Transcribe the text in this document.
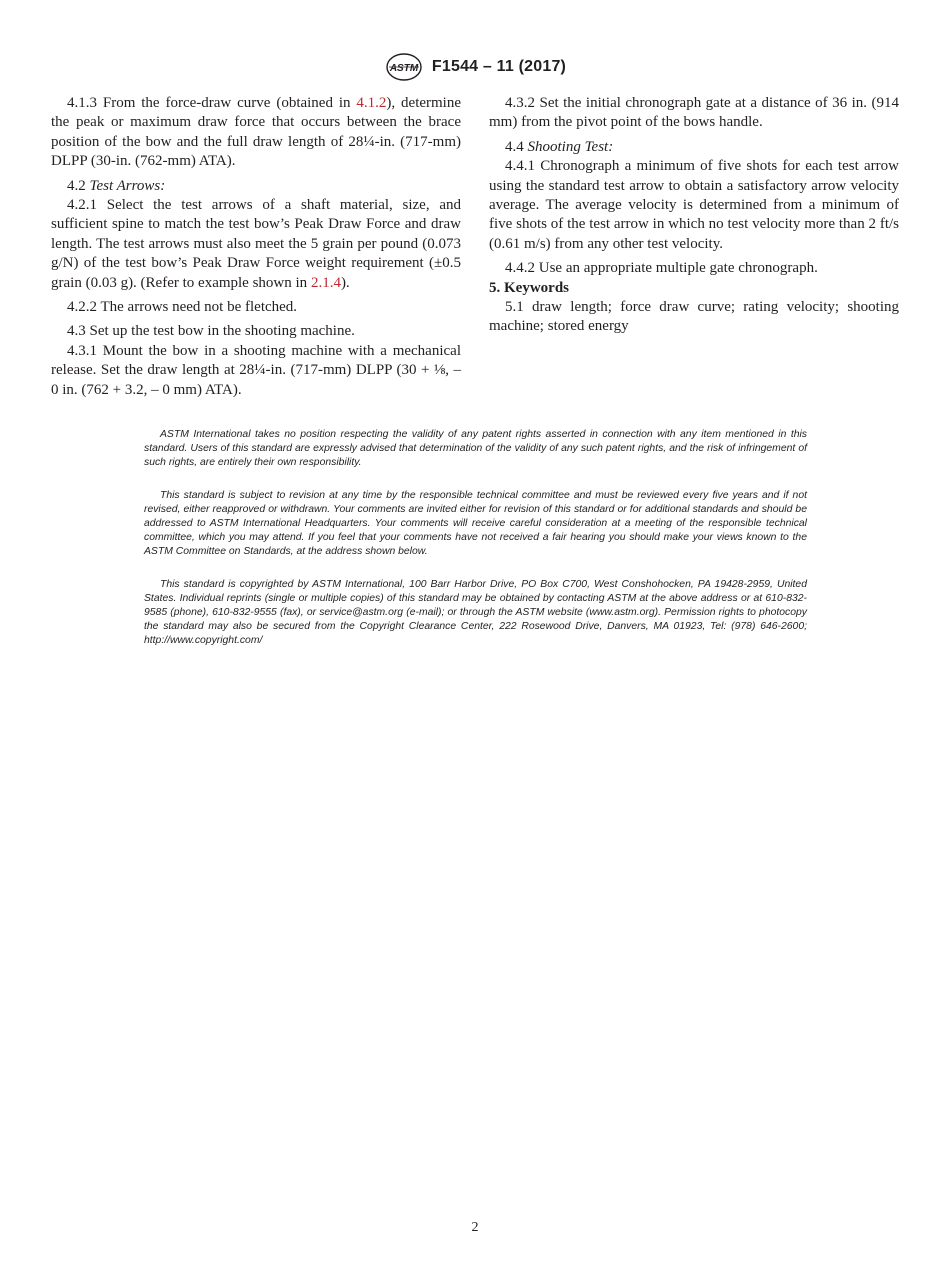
ASTM F1544 – 11 (2017)

4.1.3 From the force-draw curve (obtained in 4.1.2), determine the peak or maximum draw force that occurs between the brace position of the bow and the full draw length of 28¼-in. (717-mm) DLPP (30-in. (762-mm) ATA).

4.2 Test Arrows:

4.2.1 Select the test arrows of a shaft material, size, and sufficient spine to match the test bow’s Peak Draw Force and draw length. The test arrows must also meet the 5 grain per pound (0.073 g/N) of the test bow’s Peak Draw Force weight requirement (±0.5 grain (0.03 g). (Refer to example shown in 2.1.4).

4.2.2 The arrows need not be fletched.

4.3 Set up the test bow in the shooting machine.

4.3.1 Mount the bow in a shooting machine with a mechanical release. Set the draw length at 28¼-in. (717-mm) DLPP (30 + ⅛, – 0 in. (762 + 3.2, – 0 mm) ATA).

4.3.2 Set the initial chronograph gate at a distance of 36 in. (914 mm) from the pivot point of the bows handle.

4.4 Shooting Test:

4.4.1 Chronograph a minimum of five shots for each test arrow using the standard test arrow to obtain a satisfactory arrow velocity average. The average velocity is determined from a minimum of five shots of the test arrow in which no test velocity more than 2 ft/s (0.61 m/s) from any other test velocity.

4.4.2 Use an appropriate multiple gate chronograph.

5. Keywords

5.1 draw length; force draw curve; rating velocity; shooting machine; stored energy

ASTM International takes no position respecting the validity of any patent rights asserted in connection with any item mentioned in this standard. Users of this standard are expressly advised that determination of the validity of any such patent rights, and the risk of infringement of such rights, are entirely their own responsibility.

This standard is subject to revision at any time by the responsible technical committee and must be reviewed every five years and if not revised, either reapproved or withdrawn. Your comments are invited either for revision of this standard or for additional standards and should be addressed to ASTM International Headquarters. Your comments will receive careful consideration at a meeting of the responsible technical committee, which you may attend. If you feel that your comments have not received a fair hearing you should make your views known to the ASTM Committee on Standards, at the address shown below.

This standard is copyrighted by ASTM International, 100 Barr Harbor Drive, PO Box C700, West Conshohocken, PA 19428-2959, United States. Individual reprints (single or multiple copies) of this standard may be obtained by contacting ASTM at the above address or at 610-832-9585 (phone), 610-832-9555 (fax), or service@astm.org (e-mail); or through the ASTM website (www.astm.org). Permission rights to photocopy the standard may also be secured from the Copyright Clearance Center, 222 Rosewood Drive, Danvers, MA 01923, Tel: (978) 646-2600; http://www.copyright.com/

2
